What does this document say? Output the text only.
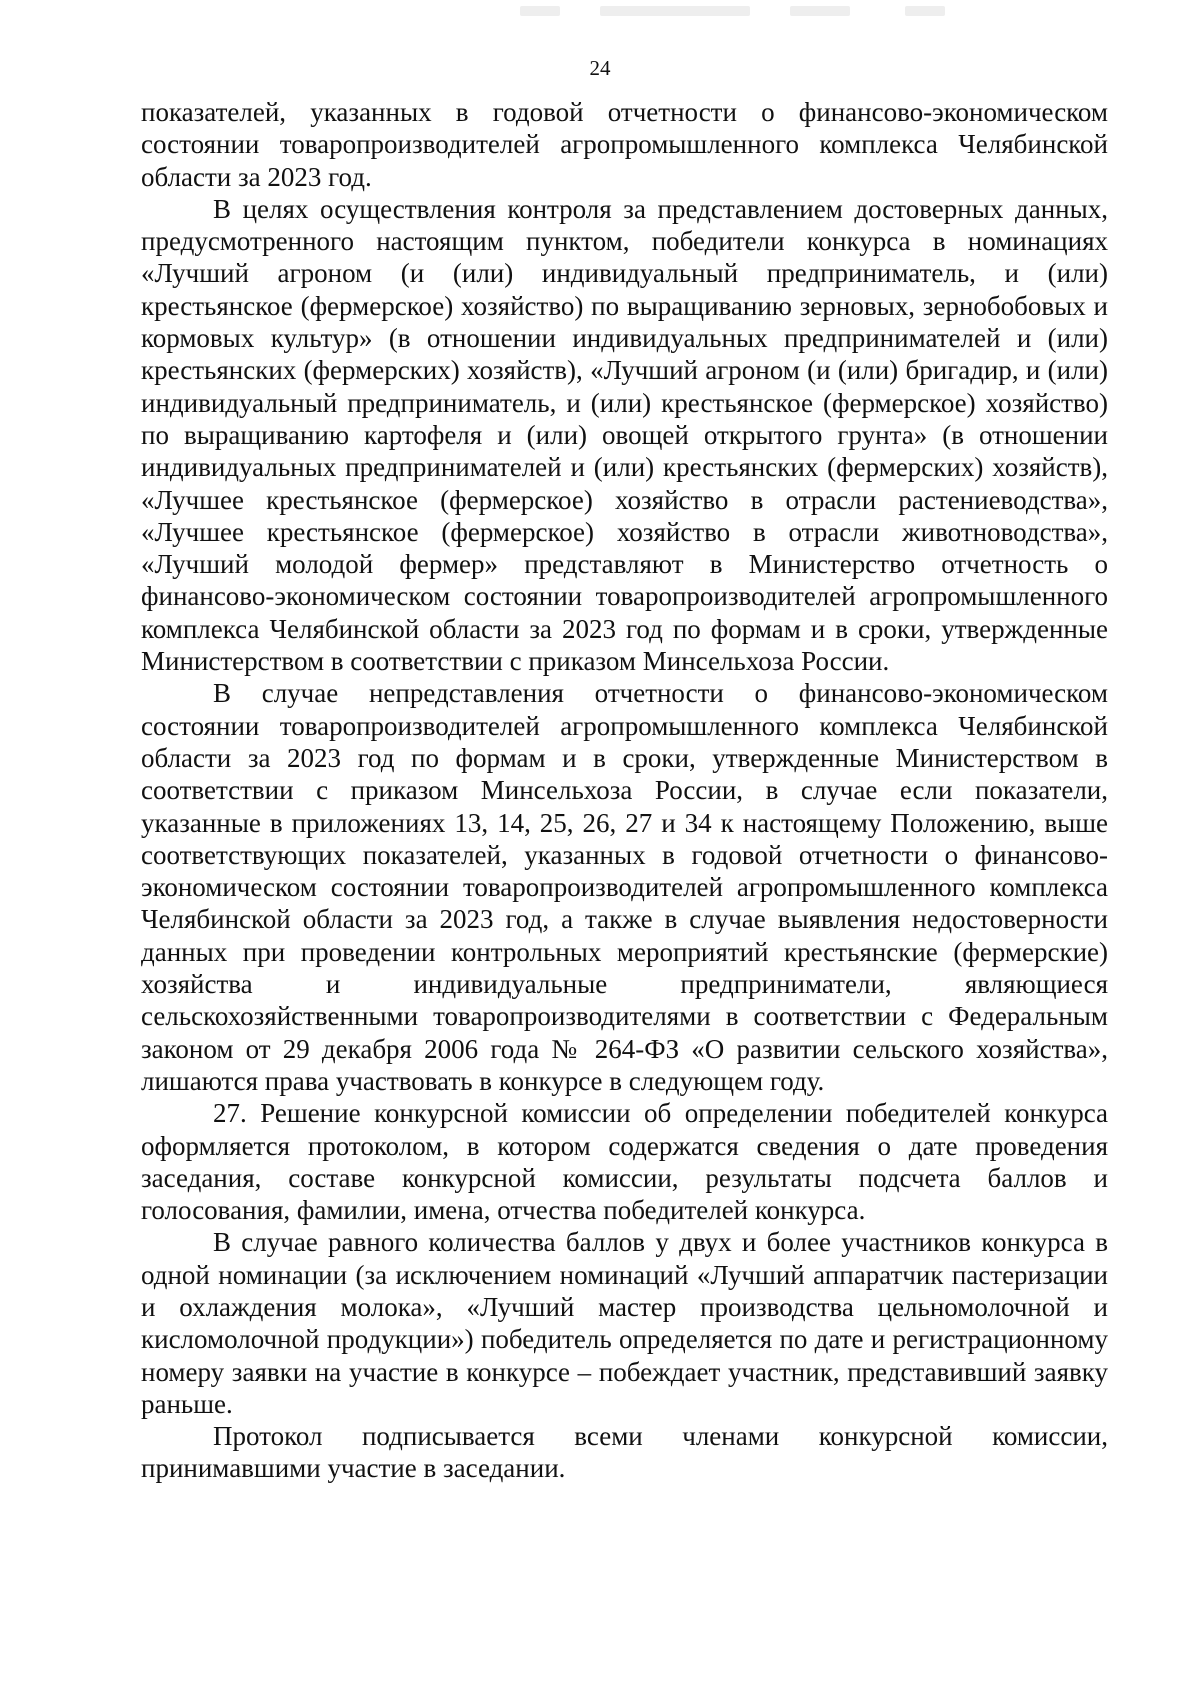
24

показателей, указанных в годовой отчетности о финансово-экономическом состоянии товаропроизводителей агропромышленного комплекса Челябинской области за 2023 год.

В целях осуществления контроля за представлением достоверных данных, предусмотренного настоящим пунктом, победители конкурса в номинациях «Лучший агроном (и (или) индивидуальный предприниматель, и (или) крестьянское (фермерское) хозяйство) по выращиванию зерновых, зернобобовых и кормовых культур» (в отношении индивидуальных предпринимателей и (или) крестьянских (фермерских) хозяйств), «Лучший агроном (и (или) бригадир, и (или) индивидуальный предприниматель, и (или) крестьянское (фермерское) хозяйство) по выращиванию картофеля и (или) овощей открытого грунта» (в отношении индивидуальных предпринимателей и (или) крестьянских (фермерских) хозяйств), «Лучшее крестьянское (фермерское) хозяйство в отрасли растениеводства», «Лучшее крестьянское (фермерское) хозяйство в отрасли животноводства», «Лучший молодой фермер» представляют в Министерство отчетность о финансово-экономическом состоянии товаропроизводителей агропромышленного комплекса Челябинской области за 2023 год по формам и в сроки, утвержденные Министерством в соответствии с приказом Минсельхоза России.

В случае непредставления отчетности о финансово-экономическом состоянии товаропроизводителей агропромышленного комплекса Челябинской области за 2023 год по формам и в сроки, утвержденные Министерством в соответствии с приказом Минсельхоза России, в случае если показатели, указанные в приложениях 13, 14, 25, 26, 27 и 34 к настоящему Положению, выше соответствующих показателей, указанных в годовой отчетности о финансово-экономическом состоянии товаропроизводителей агропромышленного комплекса Челябинской области за 2023 год, а также в случае выявления недостоверности данных при проведении контрольных мероприятий крестьянские (фермерские) хозяйства и индивидуальные предприниматели, являющиеся сельскохозяйственными товаропроизводителями в соответствии с Федеральным законом от 29 декабря 2006 года № 264-ФЗ «О развитии сельского хозяйства», лишаются права участвовать в конкурсе в следующем году.

27. Решение конкурсной комиссии об определении победителей конкурса оформляется протоколом, в котором содержатся сведения о дате проведения заседания, составе конкурсной комиссии, результаты подсчета баллов и голосования, фамилии, имена, отчества победителей конкурса.

В случае равного количества баллов у двух и более участников конкурса в одной номинации (за исключением номинаций «Лучший аппаратчик пастеризации и охлаждения молока», «Лучший мастер производства цельномолочной и кисломолочной продукции») победитель определяется по дате и регистрационному номеру заявки на участие в конкурсе – побеждает участник, представивший заявку раньше.

Протокол подписывается всеми членами конкурсной комиссии, принимавшими участие в заседании.
